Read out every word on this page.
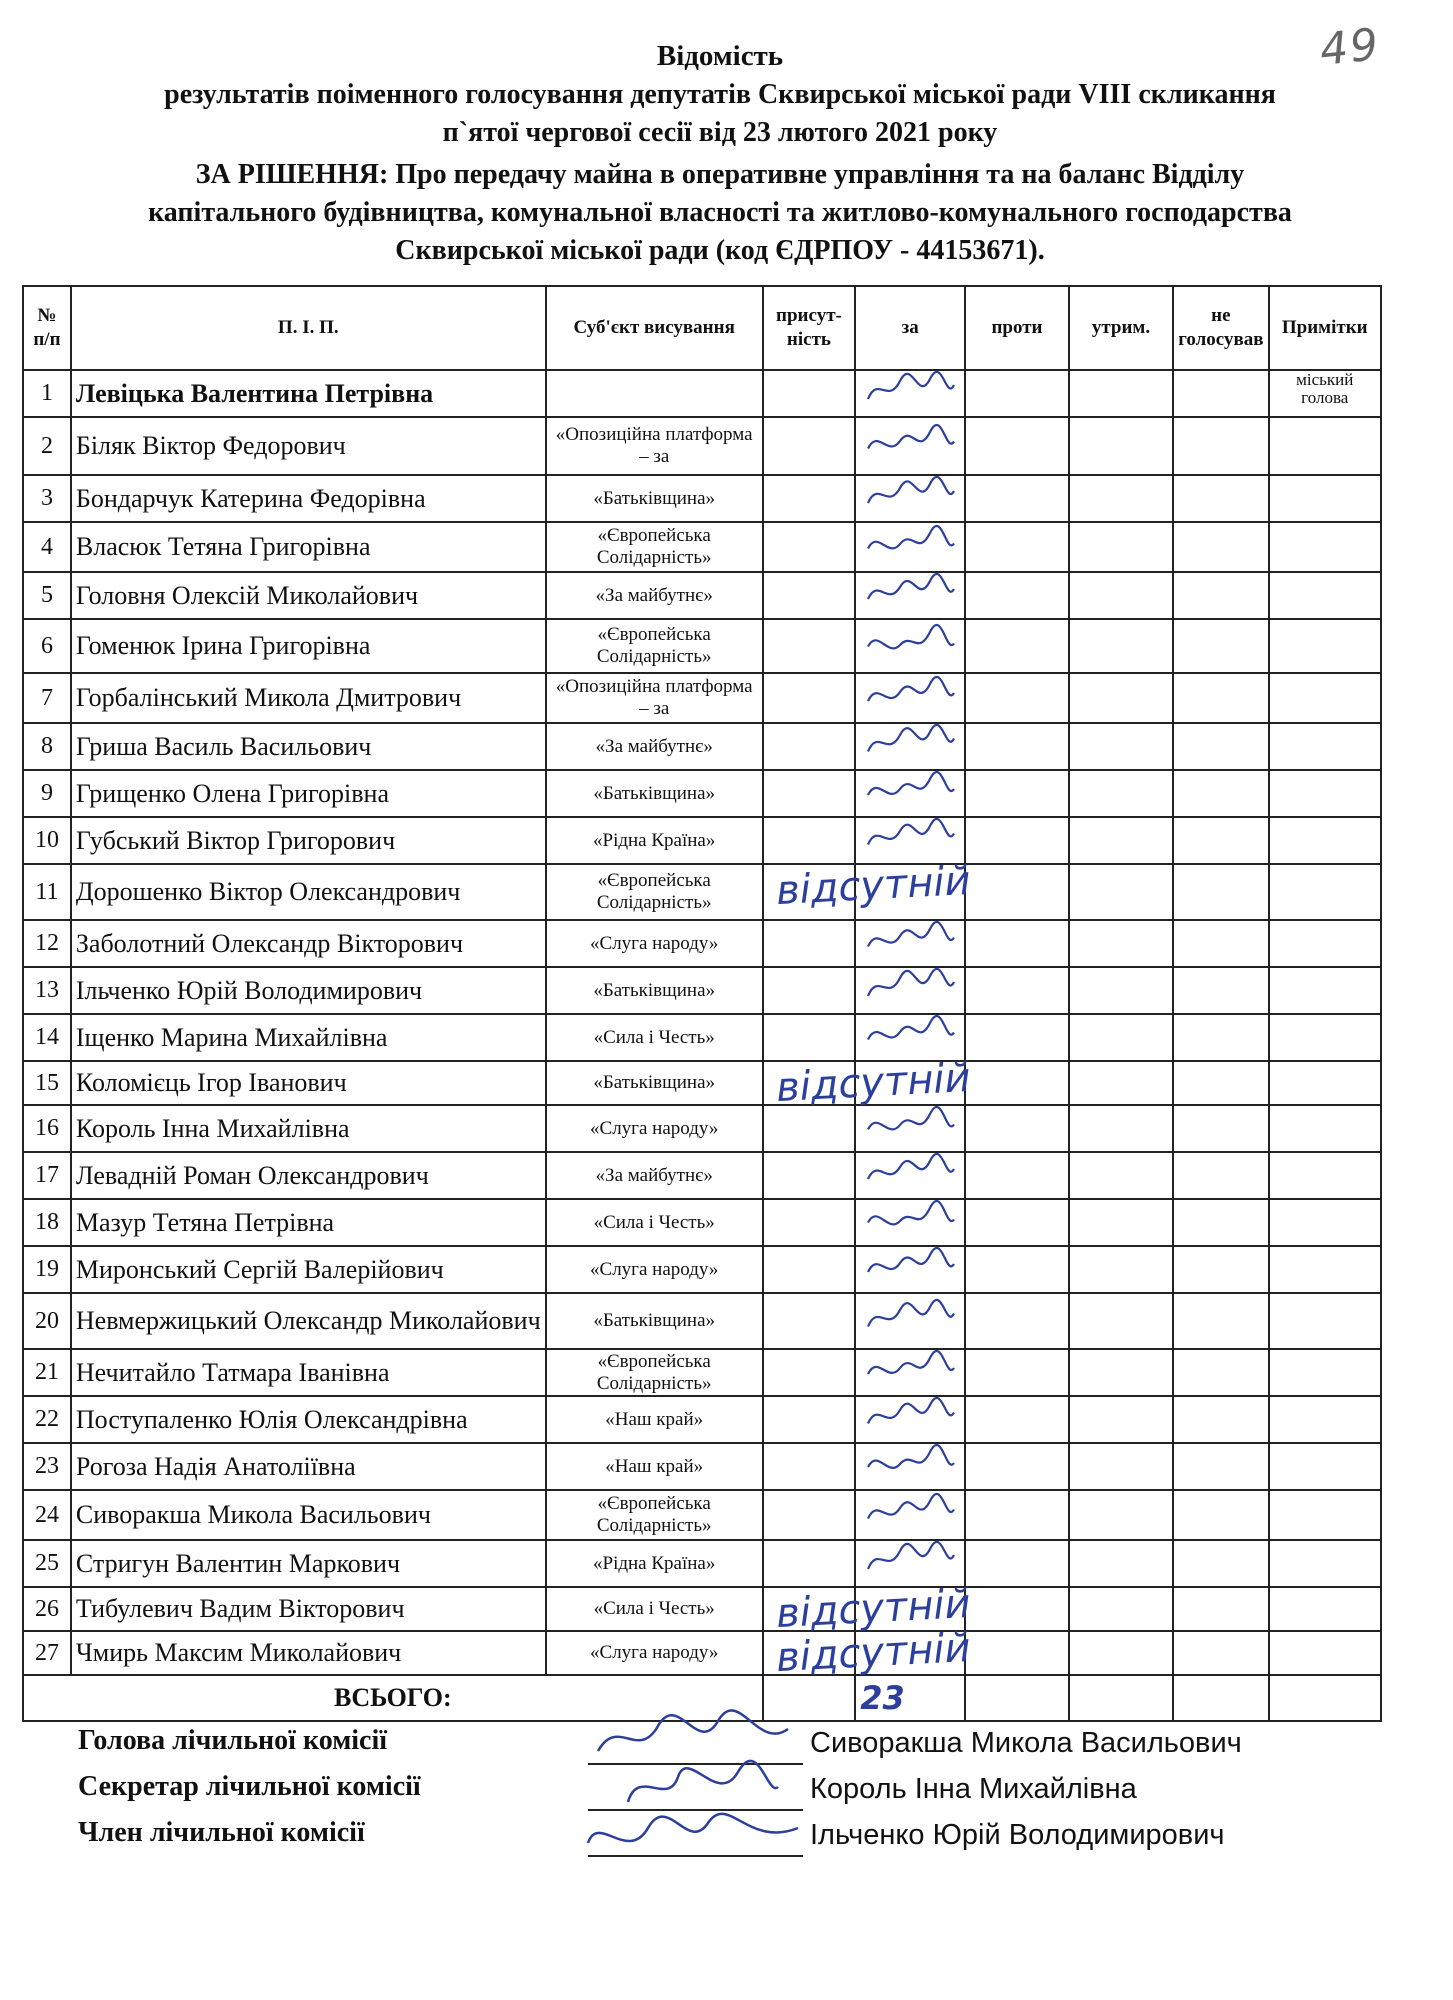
49
Відомість
результатів поіменного голосування депутатів Сквирської міської ради VIII скликання
п`ятої чергової сесії від 23 лютого 2021 року
ЗА РІШЕННЯ: Про передачу майна в оперативне управління та на баланс Відділу
капітального будівництва, комунальної власності та житлово-комунального господарства
Сквирської міської ради (код ЄДРПОУ - 44153671).
№ п/п	П. І. П.	Суб'єкт висування	присут-ність	за	проти	утрим.	не голосував	Примітки
1	Левіцька Валентина Петрівна							міський голова
2	Біляк Віктор Федорович	«Опозиційна платформа – за						
3	Бондарчук Катерина Федорівна	«Батьківщина»						
4	Власюк Тетяна Григорівна	«Європейська Солідарність»						
5	Головня Олексій Миколайович	«За майбутнє»						
6	Гоменюк Ірина Григорівна	«Європейська Солідарність»						
7	Горбалінський Микола Дмитрович	«Опозиційна платформа – за						
8	Гриша Василь Васильович	«За майбутнє»						
9	Грищенко Олена Григорівна	«Батьківщина»						
10	Губський Віктор Григорович	«Рідна Країна»						
11	Дорошенко Віктор Олександрович	«Європейська Солідарність»		відсутній				

12	Заболотний Олександр Вікторович	«Слуга народу»						
13	Ільченко Юрій Володимирович	«Батьківщина»						
14	Іщенко Марина Михайлівна	«Сила і Честь»						
15	Коломієць Ігор Іванович	«Батьківщина»		відсутній				

16	Король Інна Михайлівна	«Слуга народу»						
17	Левадній Роман Олександрович	«За майбутнє»						
18	Мазур Тетяна Петрівна	«Сила і Честь»						
19	Миронський Сергій Валерійович	«Слуга народу»						
20	Невмержицький Олександр Миколайович	«Батьківщина»						
21	Нечитайло Татмара Іванівна	«Європейська Солідарність»						
22	Поступаленко Юлія Олександрівна	«Наш край»						
23	Рогоза Надія Анатоліївна	«Наш край»						
24	Сиворакша Микола Васильович	«Європейська Солідарність»						
25	Стригун Валентин Маркович	«Рідна Країна»						
26	Тибулевич Вадим Вікторович	«Сила і Честь»		відсутній				

27	Чмирь Максим Миколайович	«Слуга народу»		відсутній				

ВСЬОГО:				23				
Голова лічильної комісії	Сиворакша Микола Васильович
Секретар лічильної комісії	Король Інна Михайлівна
Член лічильної комісії	Ільченко Юрій Володимирович
